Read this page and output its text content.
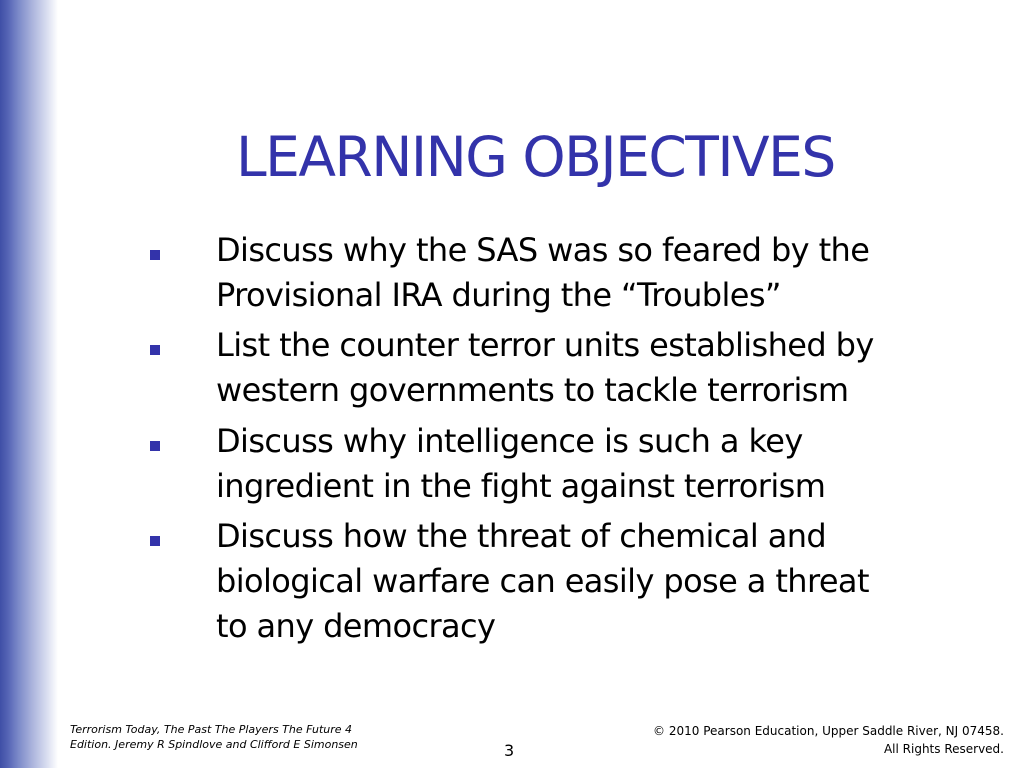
LEARNING OBJECTIVES
Discuss why the SAS was so feared by the
Provisional IRA during the “Troubles”
List the counter terror units established by
western governments to tackle terrorism
Discuss why intelligence is such a key
ingredient in the fight against terrorism
Discuss how the threat of chemical and
biological warfare can easily pose a threat
to any democracy
Terrorism Today, The Past The Players The Future 4
Edition. Jeremy R Spindlove and Clifford E Simonsen	3
© 2010 Pearson Education, Upper Saddle River, NJ 07458.
All Rights Reserved.
